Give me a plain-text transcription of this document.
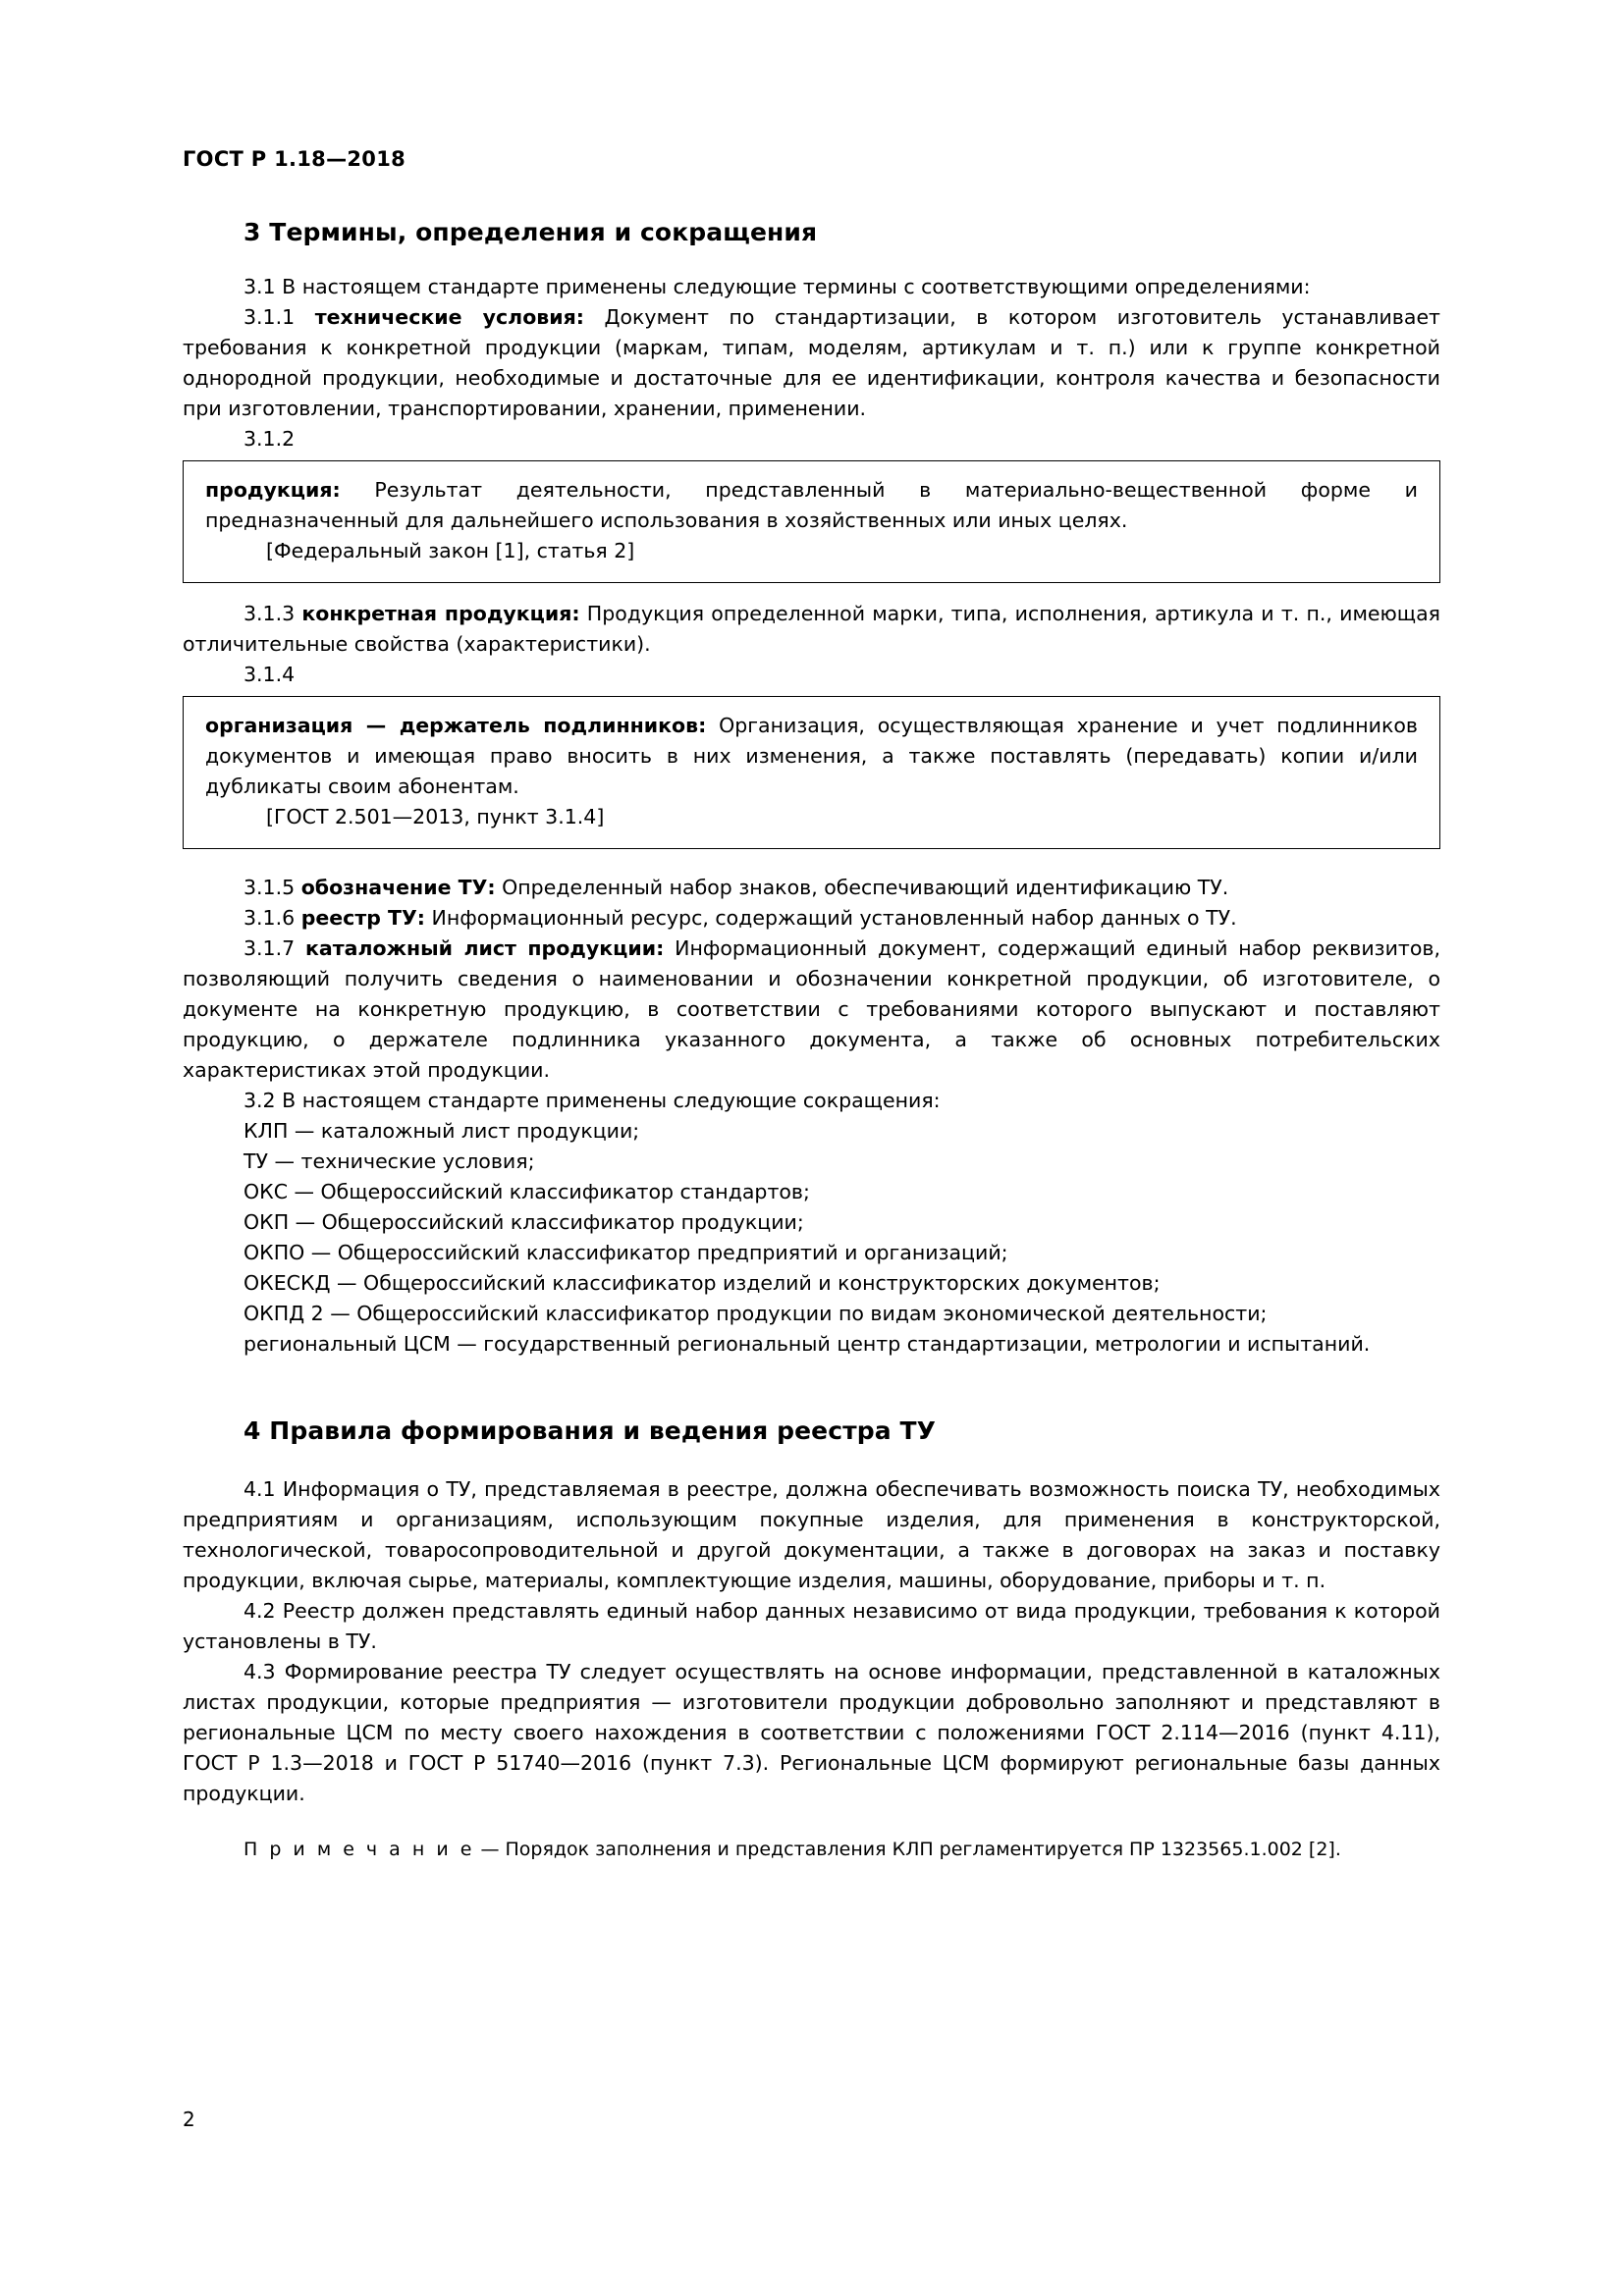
ГОСТ Р 1.18—2018
3 Термины, определения и сокращения

3.1 В настоящем стандарте применены следующие термины с соответствующими определениями:

3.1.1 технические условия: Документ по стандартизации, в котором изготовитель устанавливает требования к конкретной продукции (маркам, типам, моделям, артикулам и т. п.) или к группе конкретной однородной продукции, необходимые и достаточные для ее идентификации, контроля качества и безопасности при изготовлении, транспортировании, хранении, применении.

3.1.2

продукция: Результат деятельности, представленный в материально-вещественной форме и предназначенный для дальнейшего использования в хозяйственных или иных целях.

[Федеральный закон [1], статья 2]

3.1.3 конкретная продукция: Продукция определенной марки, типа, исполнения, артикула и т. п., имеющая отличительные свойства (характеристики).

3.1.4

организация — держатель подлинников: Организация, осуществляющая хранение и учет подлинников документов и имеющая право вносить в них изменения, а также поставлять (передавать) копии и/или дубликаты своим абонентам.

[ГОСТ 2.501—2013, пункт 3.1.4]

3.1.5 обозначение ТУ: Определенный набор знаков, обеспечивающий идентификацию ТУ.

3.1.6 реестр ТУ: Информационный ресурс, содержащий установленный набор данных о ТУ.

3.1.7 каталожный лист продукции: Информационный документ, содержащий единый набор реквизитов, позволяющий получить сведения о наименовании и обозначении конкретной продукции, об изготовителе, о документе на конкретную продукцию, в соответствии с требованиями которого выпускают и поставляют продукцию, о держателе подлинника указанного документа, а также об основных потребительских характеристиках этой продукции.

3.2 В настоящем стандарте применены следующие сокращения:

КЛП — каталожный лист продукции;

ТУ — технические условия;

ОКС — Общероссийский классификатор стандартов;

ОКП — Общероссийский классификатор продукции;

ОКПО — Общероссийский классификатор предприятий и организаций;

ОКЕСКД — Общероссийский классификатор изделий и конструкторских документов;

ОКПД 2 — Общероссийский классификатор продукции по видам экономической деятельности;

региональный ЦСМ — государственный региональный центр стандартизации, метрологии и испытаний.

4 Правила формирования и ведения реестра ТУ

4.1 Информация о ТУ, представляемая в реестре, должна обеспечивать возможность поиска ТУ, необходимых предприятиям и организациям, использующим покупные изделия, для применения в конструкторской, технологической, товаросопроводительной и другой документации, а также в договорах на заказ и поставку продукции, включая сырье, материалы, комплектующие изделия, машины, оборудование, приборы и т. п.

4.2 Реестр должен представлять единый набор данных независимо от вида продукции, требования к которой установлены в ТУ.

4.3 Формирование реестра ТУ следует осуществлять на основе информации, представленной в каталожных листах продукции, которые предприятия — изготовители продукции добровольно заполняют и представляют в региональные ЦСМ по месту своего нахождения в соответствии с положениями ГОСТ 2.114—2016 (пункт 4.11), ГОСТ Р 1.3—2018 и ГОСТ Р 51740—2016 (пункт 7.3). Региональные ЦСМ формируют региональные базы данных продукции.

П р и м е ч а н и е — Порядок заполнения и представления КЛП регламентируется ПР 1323565.1.002 [2].

2
